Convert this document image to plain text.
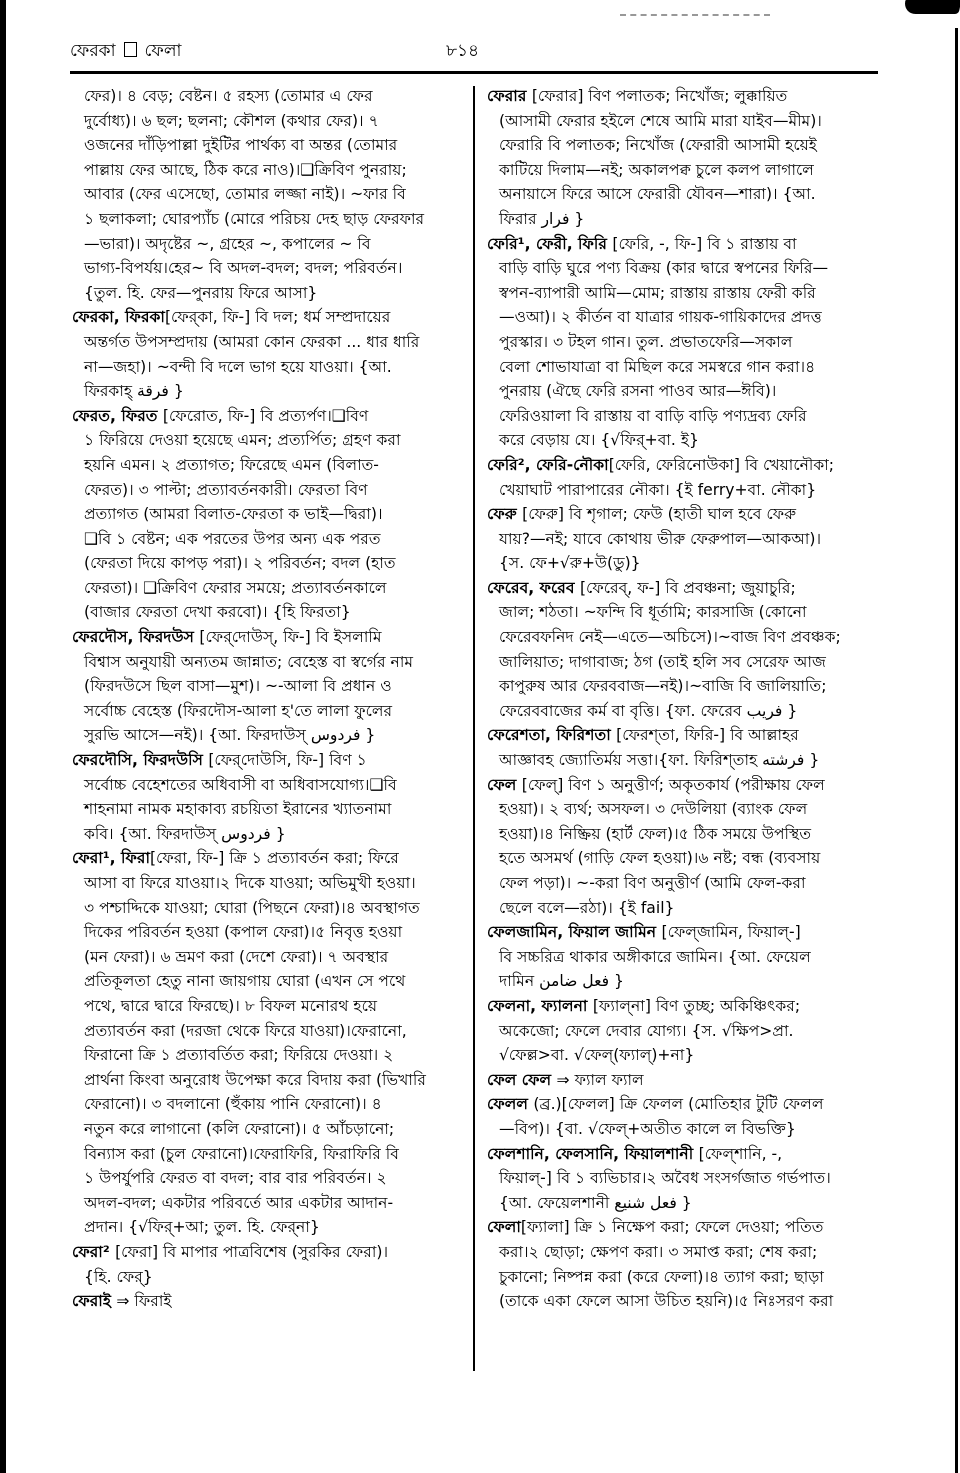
ফেরকা ফেলা	৮১৪
ফের)। ৪ বেড়; বেষ্টন। ৫ রহস্য (তোমার এ ফের
দুর্বোধ্য)। ৬ ছল; ছলনা; কৌশল (কথার ফের)। ৭
ওজনের দাঁড়িপাল্লা দুইটির পার্থক্য বা অন্তর (তোমার
পাল্লায় ফের আছে, ঠিক করে নাও)।❑ক্রিবিণ পুনরায়;
আবার (ফের এসেছো, তোমার লজ্জা নাই)। ~ফার বি
১ ছলাকলা; ঘোরপ্যাঁচ (মোরে পরিচয় দেহ ছাড় ফেরফার
—ভারা)। অদৃষ্টের ~, গ্রহের ~, কপালের ~ বি
ভাগ্য-বিপর্যয়।হের~ বি অদল-বদল; বদল; পরিবর্তন।
{তুল. হি. ফের—পুনরায় ফিরে আসা}
ফেরকা, ফিরকা[ফের্‌কা, ফি-] বি দল; ধর্ম সম্প্রদায়ের
অন্তর্গত উপসম্প্রদায় (আমরা কোন ফেরকা ... ধার ধারি
না—জহা)। ~বন্দী বি দলে ভাগ হয়ে যাওয়া। {আ.
ফিরকাহ্‌ فرقة }
ফেরত, ফিরত [ফেরোত, ফি-] বি প্রত্যর্পণ।❑বিণ
১ ফিরিয়ে দেওয়া হয়েছে এমন; প্রত্যর্পিত; গ্রহণ করা
হয়নি এমন। ২ প্রত্যাগত; ফিরেছে এমন (বিলাত-
ফেরত)। ৩ পাল্টা; প্রত্যাবর্তনকারী। ফেরতা বিণ
প্রত্যাগত (আমরা বিলাত-ফেরতা ক ভাই—দ্বিরা)।
❑বি ১ বেষ্টন; এক পরতের উপর অন্য এক পরত
(ফেরতা দিয়ে কাপড় পরা)। ২ পরিবর্তন; বদল (হাত
ফেরতা)। ❑ক্রিবিণ ফেরার সময়ে; প্রত্যাবর্তনকালে
(বাজার ফেরতা দেখা করবো)। {হি ফিরতা}
ফেরদৌস, ফিরদউস [ফের্‌দোউস্‌, ফি-] বি ইসলামি
বিশ্বাস অনুযায়ী অন্যতম জান্নাত; বেহেস্ত বা স্বর্গের নাম
(ফিরদউসে ছিল বাসা—মুশ)। ~-আলা বি প্রধান ও
সর্বোচ্চ বেহেস্ত (ফিরদৌস-আলা হ'তে লালা ফুলের
সুরভি আসে—নই)। {আ. ফিরদাউস্‌ فردوس }
ফেরদৌসি, ফিরদউসি [ফের্‌দোউসি, ফি-] বিণ ১
সর্বোচ্চ বেহেশতের অধিবাসী বা অধিবাসযোগ্য।❑বি
শাহনামা নামক মহাকাব্য রচয়িতা ইরানের খ্যাতনামা
কবি। {আ. ফিরদাউস্‌ فردوس }
ফেরা¹, ফিরা[ফেরা, ফি-] ক্রি ১ প্রত্যাবর্তন করা; ফিরে
আসা বা ফিরে যাওয়া।২ দিকে যাওয়া; অভিমুখী হওয়া।
৩ পশ্চাদ্দিকে যাওয়া; ঘোরা (পিছনে ফেরা)।৪ অবস্থাগত
দিকের পরিবর্তন হওয়া (কপাল ফেরা)।৫ নিবৃত্ত হওয়া
(মন ফেরা)। ৬ ভ্রমণ করা (দেশে ফেরা)। ৭ অবস্থার
প্রতিকূলতা হেতু নানা জায়গায় ঘোরা (এখন সে পথে
পথে, দ্বারে দ্বারে ফিরছে)। ৮ বিফল মনোরথ হয়ে
প্রত্যাবর্তন করা (দরজা থেকে ফিরে যাওয়া)।ফেরানো,
ফিরানো ক্রি ১ প্রত্যাবর্তিত করা; ফিরিয়ে দেওয়া। ২
প্রার্থনা কিংবা অনুরোধ উপেক্ষা করে বিদায় করা (ভিখারি
ফেরানো)। ৩ বদলানো (হুঁকায় পানি ফেরানো)। ৪
নতুন করে লাগানো (কলি ফেরানো)। ৫ আঁচড়ানো;
বিন্যাস করা (চুল ফেরানো)।ফেরাফিরি, ফিরাফিরি বি
১ উপর্যুপরি ফেরত বা বদল; বার বার পরিবর্তন। ২
অদল-বদল; একটার পরিবর্তে আর একটার আদান-
প্রদান। {√ফির্‌+আ; তুল. হি. ফের্‌না}
ফেরা² [ফেরা] বি মাপার পাত্রবিশেষ (সুরকির ফেরা)।
{হি. ফের্‌}
ফেরাই ⇒ ফিরাই
ফেরার [ফেরার] বিণ পলাতক; নিখোঁজ; লুক্কায়িত
(আসামী ফেরার হইলে শেষে আমি মারা যাইব—মীম)।
ফেরারি বি পলাতক; নিখোঁজ (ফেরারী আসামী হয়েই
কাটিয়ে দিলাম—নই; অকালপক্ব চুলে কলপ লাগালে
অনায়াসে ফিরে আসে ফেরারী যৌবন—শারা)। {আ.
ফিরার فرار }
ফেরি¹, ফেরী, ফিরি [ফেরি, -, ফি-] বি ১ রাস্তায় বা
বাড়ি বাড়ি ঘুরে পণ্য বিক্রয় (কার দ্বারে স্বপনের ফিরি—
স্বপন-ব্যাপারী আমি—মোম; রাস্তায় রাস্তায় ফেরী করি
—ওআ)। ২ কীর্তন বা যাত্রার গায়ক-গায়িকাদের প্রদত্ত
পুরস্কার। ৩ টহল গান। তুল. প্রভাতফেরি—সকাল
বেলা শোভাযাত্রা বা মিছিল করে সমস্বরে গান করা।৪
পুনরায় (ঐছে ফেরি রসনা পাওব আর—ঈবি)।
ফেরিওয়ালা বি রাস্তায় বা বাড়ি বাড়ি পণ্যদ্রব্য ফেরি
করে বেড়ায় যে। {√ফির্‌+বা. ই}
ফেরি², ফেরি-নৌকা[ফেরি, ফেরিনোউকা] বি খেয়ানৌকা;
খেয়াঘাট পারাপারের নৌকা। {ই ferry+বা. নৌকা}
ফেরু [ফেরু] বি শৃগাল; ফেউ (হাতী ঘাল হবে ফেরু
যায়?—নই; যাবে কোথায় ভীরু ফেরুপাল—আকআ)।
{স. ফে+√রু+উ(ডু)}
ফেরেব, ফরেব [ফেরেব্‌, ফ-] বি প্রবঞ্চনা; জুয়াচুরি;
জাল; শঠতা। ~ফন্দি বি ধূর্তামি; কারসাজি (কোনো
ফেরেবফনিদ নেই—এতে—অচিসে)।~বাজ বিণ প্রবঞ্চক;
জালিয়াত; দাগাবাজ; ঠগ (তাই হলি সব সেরেফ আজ
কাপুরুষ আর ফেরববাজ—নই)।~বাজি বি জালিয়াতি;
ফেরেববাজের কর্ম বা বৃত্তি। {ফা. ফেরেব فریب }
ফেরেশতা, ফিরিশতা [ফেরশ্‌তা, ফিরি-] বি আল্লাহর
আজ্ঞাবহ জ্যোতির্ময় সত্তা।{ফা. ফিরিশ্‌তাহ فرشته }
ফেল [ফেল্‌] বিণ ১ অনুত্তীর্ণ; অকৃতকার্য (পরীক্ষায় ফেল
হওয়া)। ২ ব্যর্থ; অসফল। ৩ দেউলিয়া (ব্যাংক ফেল
হওয়া)।৪ নিষ্ক্রিয় (হার্ট ফেল)।৫ ঠিক সময়ে উপস্থিত
হতে অসমর্থ (গাড়ি ফেল হওয়া)।৬ নষ্ট; বন্ধ (ব্যবসায়
ফেল পড়া)। ~-করা বিণ অনুত্তীর্ণ (আমি ফেল-করা
ছেলে বলে—রঠা)। {ই fail}
ফেলজামিন, ফিয়াল জামিন [ফেল্‌জামিন, ফিয়াল্‌-]
বি সচ্চরিত্র থাকার অঙ্গীকারে জামিন। {আ. ফেয়েল
দামিন فعل ضامن }
ফেলনা, ফ্যালনা [ফ্যাল্‌না] বিণ তুচ্ছ; অকিঞ্চিৎকর;
অকেজো; ফেলে দেবার যোগ্য। {স. √ক্ষিপ>প্রা.
√ফেল্ল>বা. √ফেল্‌(ফ্যাল্‌)+না}
ফেল ফেল ⇒ ফ্যাল ফ্যাল
ফেলল (ব্র.)[ফেলল] ক্রি ফেলল (মোতিহার টুটি ফেলল
—বিপ)। {বা. √ফেল্‌+অতীত কালে ল বিভক্তি}
ফেলশানি, ফেলসানি, ফিয়ালশানী [ফেল্‌শানি, -,
ফিয়াল্‌-] বি ১ ব্যভিচার।২ অবৈধ সংসর্গজাত গর্ভপাত।
{আ. ফেয়েলশানী فعل شنيع }
ফেলা[ফ্যালা] ক্রি ১ নিক্ষেপ করা; ফেলে দেওয়া; পতিত
করা।২ ছোড়া; ক্ষেপণ করা। ৩ সমাপ্ত করা; শেষ করা;
চুকানো; নিষ্পন্ন করা (করে ফেলা)।৪ ত্যাগ করা; ছাড়া
(তাকে একা ফেলে আসা উচিত হয়নি)।৫ নিঃসরণ করা
